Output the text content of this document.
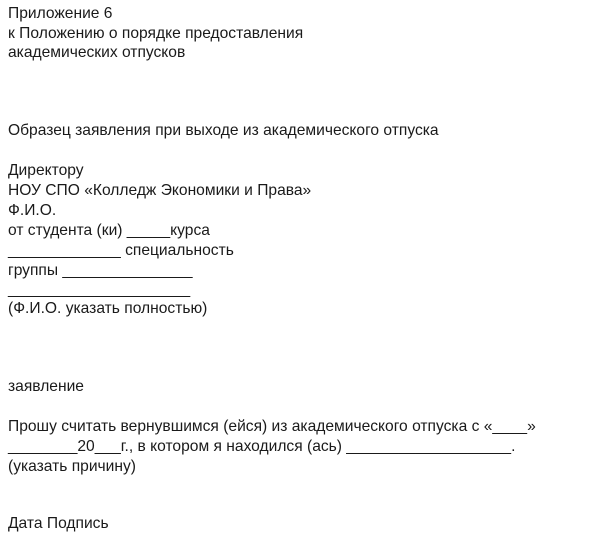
Приложение 6
к Положению о порядке предоставления
академических отпусков
Образец заявления при выходе из академического отпуска
Директору
НОУ СПО «Колледж Экономики и Права»
Ф.И.О.
от студента (ки) _____курса
_____________ специальность
группы _______________
_____________________
(Ф.И.О. указать полностью)
заявление
Прошу считать вернувшимся (ейся) из академического отпуска с «____»
________20___г., в котором я находился (ась) ___________________.
(указать причину)
Дата Подпись
